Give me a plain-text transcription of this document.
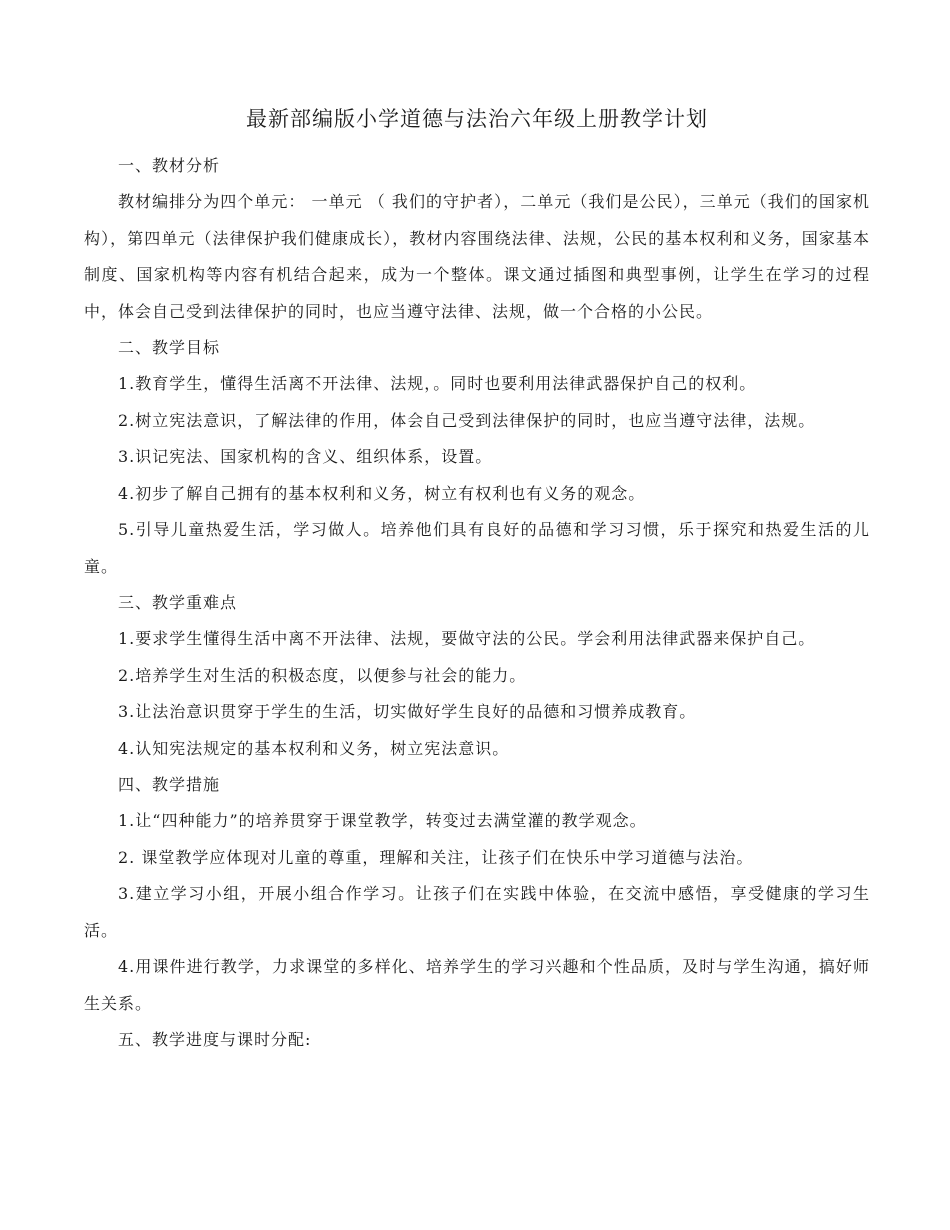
最新部编版小学道德与法治六年级上册教学计划

一、教材分析

教材编排分为四个单元： 一单元 （ 我们的守护者），二单元（我们是公民），三单元（我们的国家机构），第四单元（法律保护我们健康成长），教材内容围绕法律、法规，公民的基本权利和义务，国家基本制度、国家机构等内容有机结合起来，成为一个整体。课文通过插图和典型事例，让学生在学习的过程中，体会自己受到法律保护的同时，也应当遵守法律、法规，做一个合格的小公民。

二、教学目标

1.教育学生，懂得生活离不开法律、法规，。同时也要利用法律武器保护自己的权利。

2.树立宪法意识，了解法律的作用，体会自己受到法律保护的同时，也应当遵守法律，法规。

3.识记宪法、国家机构的含义、组织体系，设置。

4.初步了解自己拥有的基本权利和义务，树立有权利也有义务的观念。

5.引导儿童热爱生活，学习做人。培养他们具有良好的品德和学习习惯，乐于探究和热爱生活的儿童。

三、教学重难点

1.要求学生懂得生活中离不开法律、法规，要做守法的公民。学会利用法律武器来保护自己。

2.培养学生对生活的积极态度，以便参与社会的能力。

3.让法治意识贯穿于学生的生活，切实做好学生良好的品德和习惯养成教育。

4.认知宪法规定的基本权利和义务，树立宪法意识。

四、教学措施

1.让“四种能力”的培养贯穿于课堂教学，转变过去满堂灌的教学观念。

2. 课堂教学应体现对儿童的尊重，理解和关注，让孩子们在快乐中学习道德与法治。

3.建立学习小组，开展小组合作学习。让孩子们在实践中体验，在交流中感悟，享受健康的学习生活。

4.用课件进行教学，力求课堂的多样化、培养学生的学习兴趣和个性品质，及时与学生沟通，搞好师生关系。

五、教学进度与课时分配:
